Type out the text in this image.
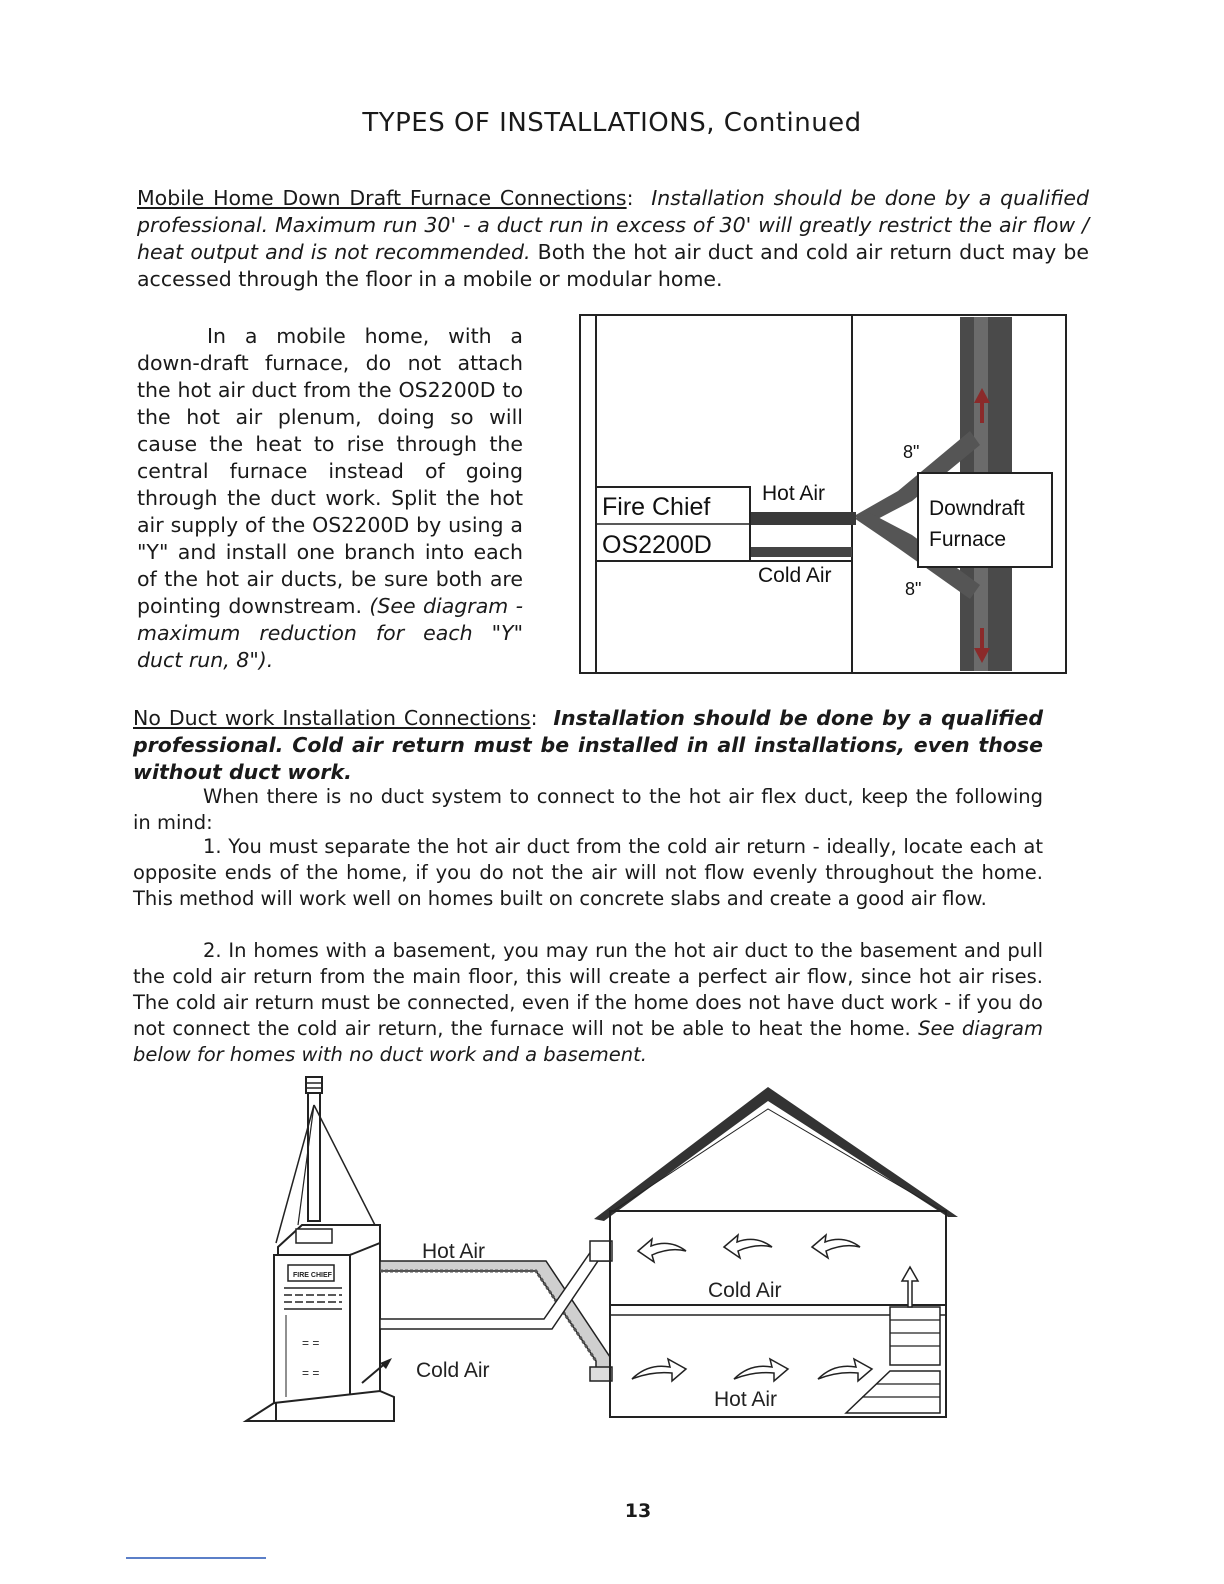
TYPES OF INSTALLATIONS, Continued
Mobile Home Down Draft Furnace Connections:  Installation should be done by a qualified professional. Maximum run 30' - a duct run in excess of 30' will greatly restrict the air flow / heat output and is not recommended. Both the hot air duct and cold air return duct may be accessed through the floor in a mobile or modular home.
In a mobile home, with a down-draft furnace, do not attach the hot air duct from the OS2200D to the hot air plenum, doing so will cause the heat to rise through the central furnace instead of going through the duct work. Split the hot air supply of the OS2200D by using a "Y" and install one branch into each of the hot air ducts, be sure both are pointing downstream. (See diagram - maximum reduction for each "Y" duct run, 8").
Fire Chief
OS2200D
Hot Air
Cold Air
Downdraft
Furnace
8"
8"
No Duct work Installation Connections:  Installation should be done by a qualified professional. Cold air return must be installed in all installations, even those without duct work.
When there is no duct system to connect to the hot air flex duct, keep the following in mind:
1. You must separate the hot air duct from the cold air return - ideally, locate each at opposite ends of the home, if you do not the air will not flow evenly throughout the home. This method will work well on homes built on concrete slabs and create a good air flow.
2. In homes with a basement, you may run the hot air duct to the basement and pull the cold air return from the main floor, this will create a perfect air flow, since hot air rises. The cold air return must be connected, even if the home does not have duct work - if you do not connect the cold air return, the furnace will not be able to heat the home. See diagram below for homes with no duct work and a basement.
FIRE CHIEF
= =
= =
Hot Air
Cold Air
Cold Air
Hot Air
13
